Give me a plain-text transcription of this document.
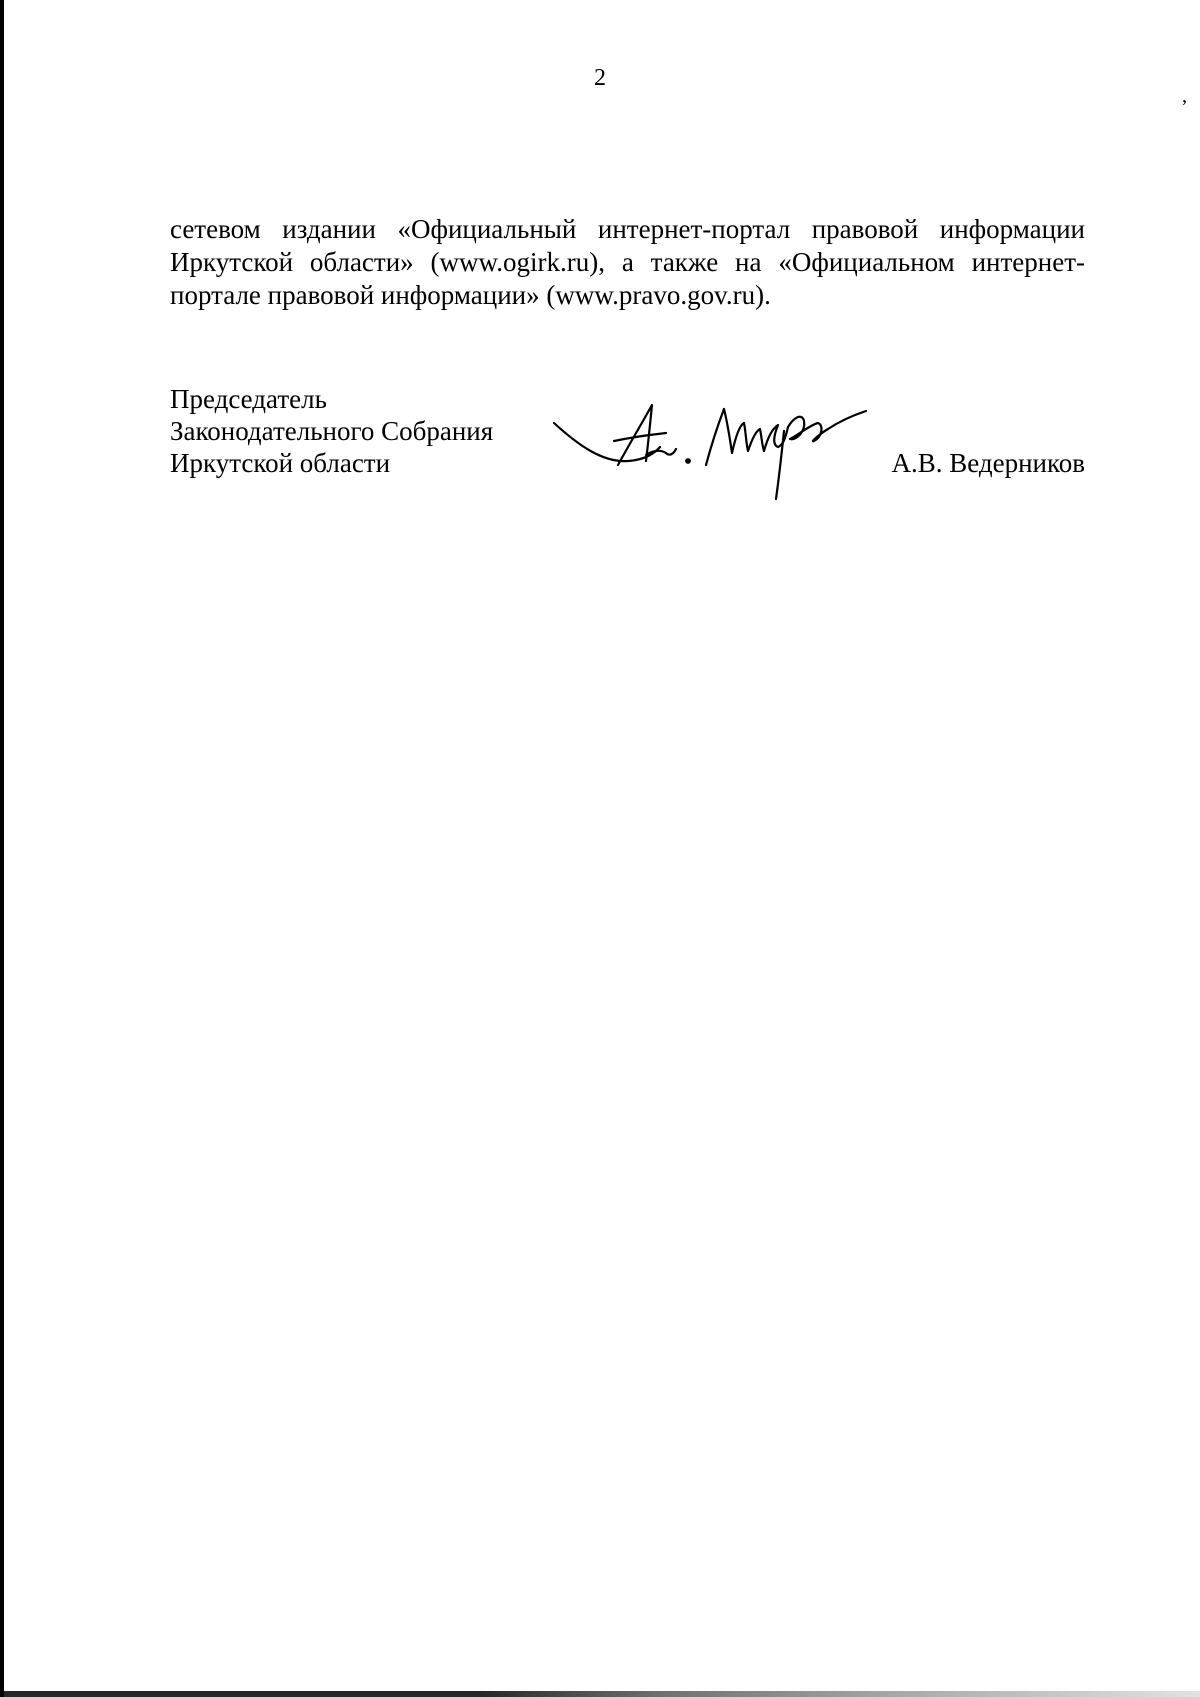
,
2

сетевом издании «Официальный интернет-портал правовой информации Иркутской области» (www.ogirk.ru), а также на «Официальном интернет-портале правовой информации» (www.pravo.gov.ru).

Председатель
Законодательного Собрания
Иркутской области	А.В. Ведерников
